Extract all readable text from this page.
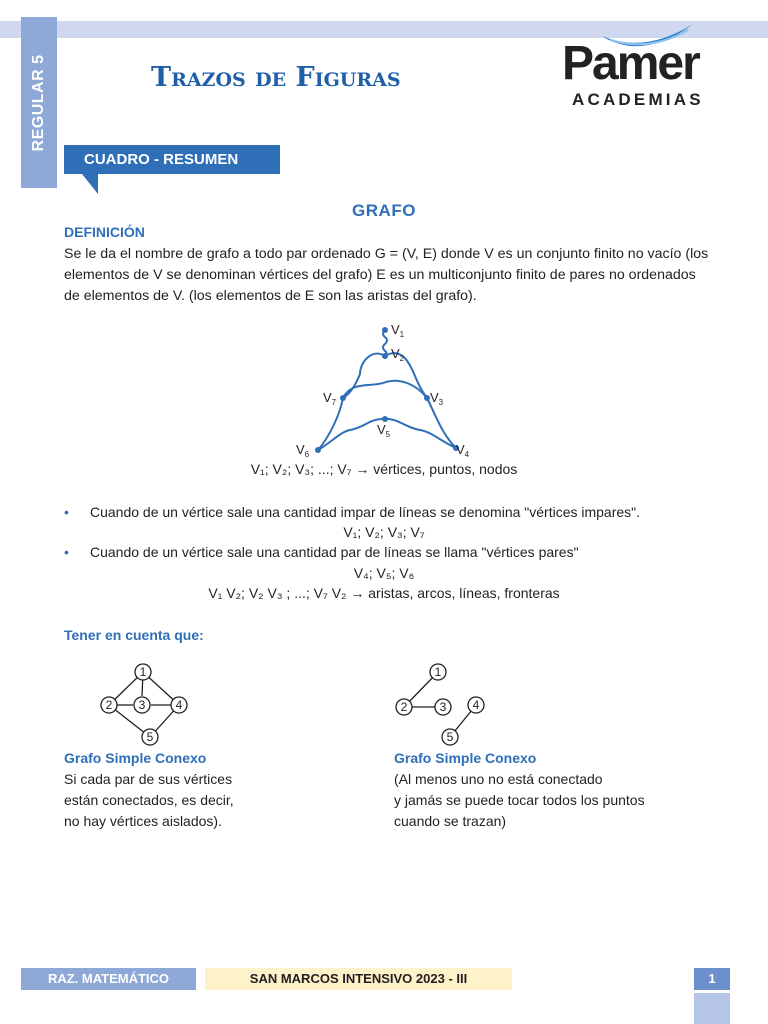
REGULAR 5	Trazos de Figuras	Pamer
ACADEMIAS
CUADRO - RESUMEN
GRAFO
DEFINICIÓN

Se le da el nombre de grafo a todo par ordenado G = (V, E) donde V es un conjunto finito no vacío (los elementos de V se denominan vértices del grafo) E es un multiconjunto finito de pares no ordenados de elementos de V. (los elementos de E son las aristas del grafo).

$V_1$
$V_2$
$V_3$
$V_5$
$V_4$
$V_6$
$V_7$
V₁; V₂; V₃; ...; V₇ → vértices, puntos, nodos
• Cuando de un vértice sale una cantidad impar de líneas se denomina "vértices impares".
V₁; V₂; V₃; V₇
• Cuando de un vértice sale una cantidad par de líneas se llama "vértices pares"
V₄; V₅; V₆
V₁ V₂; V₂ V₃ ; ...; V₇ V₂ → aristas, arcos, líneas, fronteras
Tener en cuenta que:
1
2 3	4
5
1
2	3 4
5
Grafo Simple Conexo
Si cada par de sus vértices
están conectados, es decir,
no hay vértices aislados).
Grafo Simple Conexo
(Al menos uno no está conectado
y jamás se puede tocar todos los puntos
cuando se trazan)
RAZ. MATEMÁTICO	SAN MARCOS INTENSIVO 2023 - III	1
